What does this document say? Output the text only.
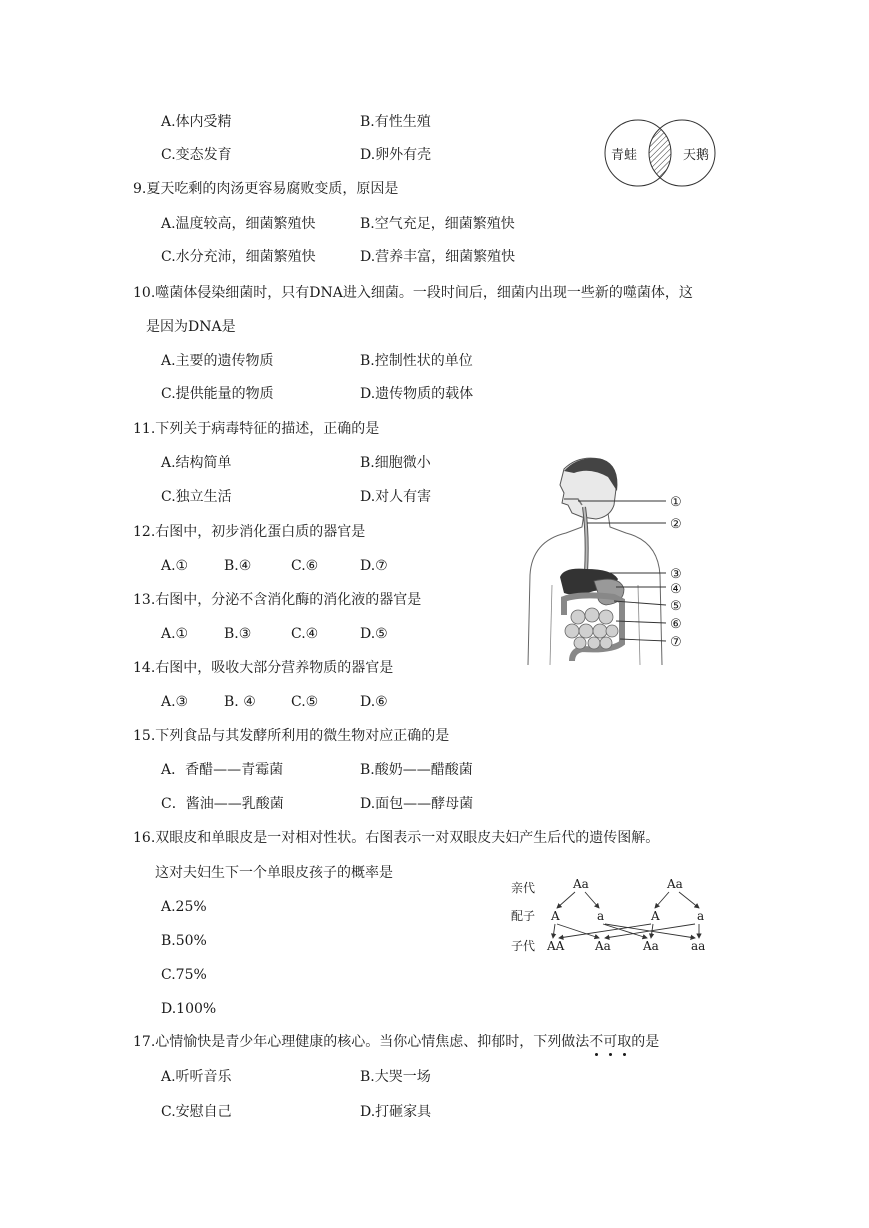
A.体内受精	B.有性生殖
C.变态发育	D.卵外有壳	青蛙	天鹅
9.夏天吃剩的肉汤更容易腐败变质，原因是
A.温度较高，细菌繁殖快	B.空气充足，细菌繁殖快
C.水分充沛，细菌繁殖快	D.营养丰富，细菌繁殖快
10.噬菌体侵染细菌时，只有DNA进入细菌。一段时间后，细菌内出现一些新的噬菌体，这
是因为DNA是
A.主要的遗传物质	B.控制性状的单位
C.提供能量的物质	D.遗传物质的载体
11.下列关于病毒特征的描述，正确的是
A.结构简单	B.细胞微小
C.独立生活	D.对人有害
12.右图中，初步消化蛋白质的器官是
A.①	B.④	C.⑥	D.⑦
13.右图中，分泌不含消化酶的消化液的器官是
A.①	B.③	C.④	D.⑤
14.右图中，吸收大部分营养物质的器官是
A.③	B. ④	C.⑤	D.⑥
①
②
③
④
⑤
⑥
⑦
15.下列食品与其发酵所利用的微生物对应正确的是
A．香醋——青霉菌	B.酸奶——醋酸菌
C．酱油——乳酸菌	D.面包——酵母菌
16.双眼皮和单眼皮是一对相对性状。右图表示一对双眼皮夫妇产生后代的遗传图解。
这对夫妇生下一个单眼皮孩子的概率是
A.25%
B.50%
C.75%
D.100%
亲代
配子
子代
Aa	Aa
A	a	A	a
AA	Aa	Aa	aa
17.心情愉快是青少年心理健康的核心。当你心情焦虑、抑郁时，下列做法不可取的是
A.听听音乐	B.大哭一场
C.安慰自己	D.打砸家具
